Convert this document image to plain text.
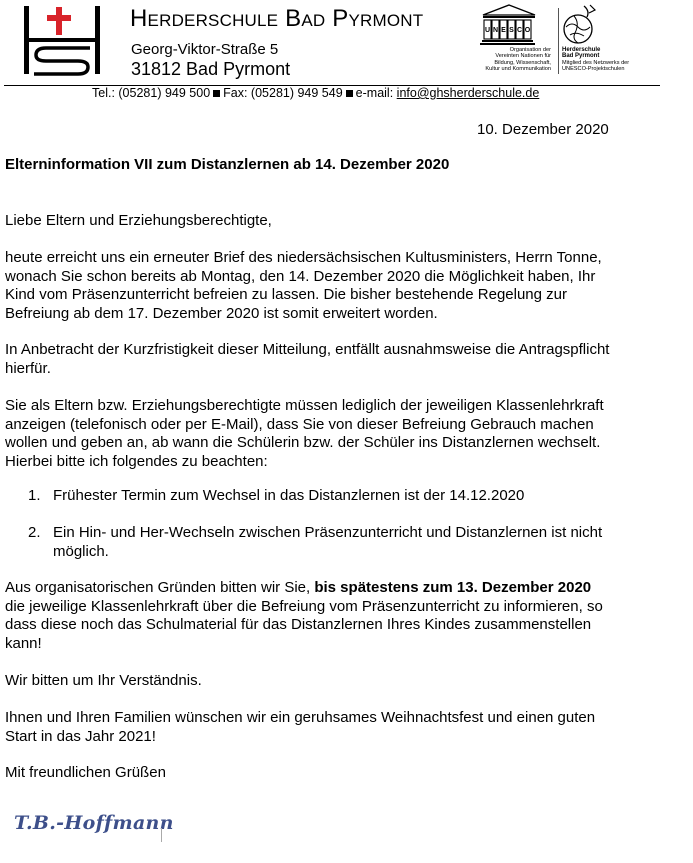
HERDERSCHULE BAD PYRMONT
Georg-Viktor-Straße 5
31812 Bad Pyrmont
U N E S C O
Organisation der
Vereinten Nationen für
Bildung, Wissenschaft,
Kultur und Kommunikation
Herderschule
Bad Pyrmont
Mitglied des Netzwerks der
UNESCO-Projektschulen
Tel.: (05281) 949 500 Fax: (05281) 949 549 e-mail: info@ghsherderschule.de
10. Dezember 2020
Elterninformation VII zum Distanzlernen ab 14. Dezember 2020
Liebe Eltern und Erziehungsberechtigte,
heute erreicht uns ein erneuter Brief des niedersächsischen Kultusministers, Herrn Tonne,
wonach Sie schon bereits ab Montag, den 14. Dezember 2020 die Möglichkeit haben, Ihr
Kind vom Präsenzunterricht befreien zu lassen. Die bisher bestehende Regelung zur
Befreiung ab dem 17. Dezember 2020 ist somit erweitert worden.
In Anbetracht der Kurzfristigkeit dieser Mitteilung, entfällt ausnahmsweise die Antragspflicht
hierfür.
Sie als Eltern bzw. Erziehungsberechtigte müssen lediglich der jeweiligen Klassenlehrkraft
anzeigen (telefonisch oder per E-Mail), dass Sie von dieser Befreiung Gebrauch machen
wollen und geben an, ab wann die Schülerin bzw. der Schüler ins Distanzlernen wechselt.
Hierbei bitte ich folgendes zu beachten:
1. Frühester Termin zum Wechsel in das Distanzlernen ist der 14.12.2020
2. Ein Hin- und Her-Wechseln zwischen Präsenzunterricht und Distanzlernen ist nicht
möglich.
Aus organisatorischen Gründen bitten wir Sie, bis spätestens zum 13. Dezember 2020
die jeweilige Klassenlehrkraft über die Befreiung vom Präsenzunterricht zu informieren, so
dass diese noch das Schulmaterial für das Distanzlernen Ihres Kindes zusammenstellen
kann!
Wir bitten um Ihr Verständnis.
Ihnen und Ihren Familien wünschen wir ein geruhsames Weihnachtsfest und einen guten
Start in das Jahr 2021!
Mit freundlichen Grüßen
T.B.-Hoffmann
